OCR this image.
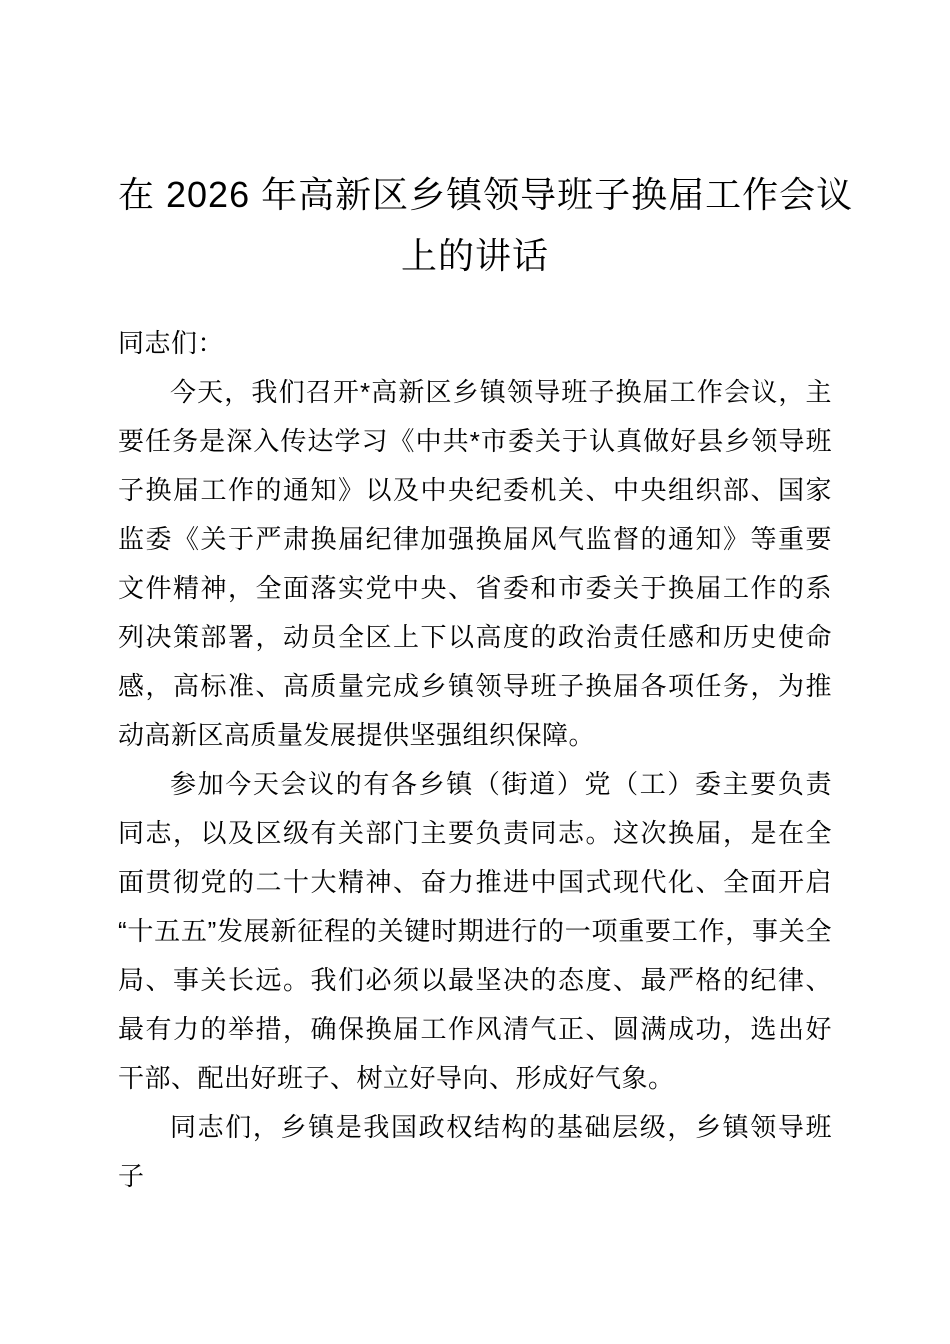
在 2026 年高新区乡镇领导班子换届工作会议
上的讲话

同志们：

今天，我们召开*高新区乡镇领导班子换届工作会议，主要任务是深入传达学习《中共*市委关于认真做好县乡领导班子换届工作的通知》以及中央纪委机关、中央组织部、国家监委《关于严肃换届纪律加强换届风气监督的通知》等重要文件精神，全面落实党中央、省委和市委关于换届工作的系列决策部署，动员全区上下以高度的政治责任感和历史使命感，高标准、高质量完成乡镇领导班子换届各项任务，为推动高新区高质量发展提供坚强组织保障。

参加今天会议的有各乡镇（街道）党（工）委主要负责同志，以及区级有关部门主要负责同志。这次换届，是在全面贯彻党的二十大精神、奋力推进中国式现代化、全面开启“十五五”发展新征程的关键时期进行的一项重要工作，事关全局、事关长远。我们必须以最坚决的态度、最严格的纪律、最有力的举措，确保换届工作风清气正、圆满成功，选出好干部、配出好班子、树立好导向、形成好气象。

同志们，乡镇是我国政权结构的基础层级，乡镇领导班子
